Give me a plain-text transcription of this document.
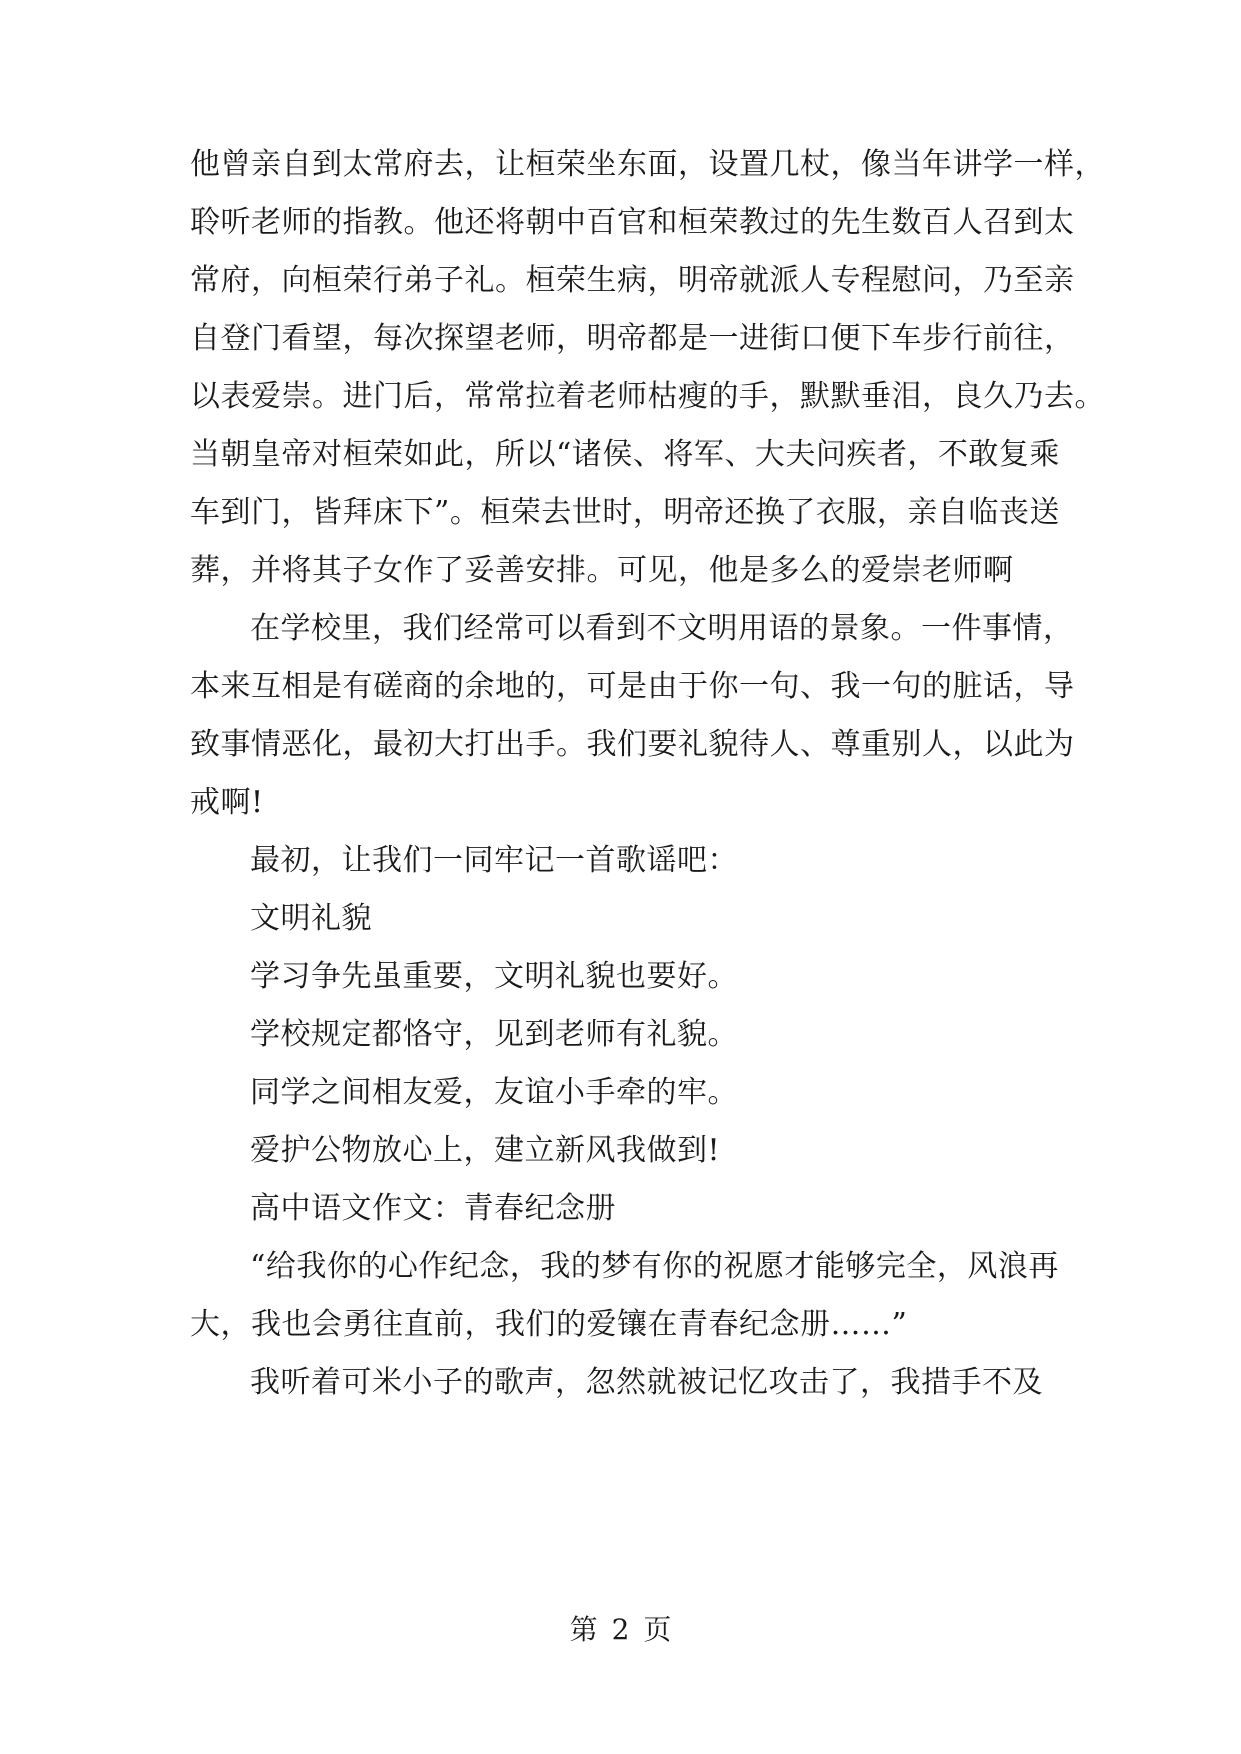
他曾亲自到太常府去，让桓荣坐东面，设置几杖，像当年讲学一样，
聆听老师的指教。他还将朝中百官和桓荣教过的先生数百人召到太
常府，向桓荣行弟子礼。桓荣生病，明帝就派人专程慰问，乃至亲
自登门看望，每次探望老师，明帝都是一进街口便下车步行前往，
以表爱崇。进门后，常常拉着老师枯瘦的手，默默垂泪，良久乃去。
当朝皇帝对桓荣如此，所以“诸侯、将军、大夫问疾者，不敢复乘
车到门，皆拜床下”。桓荣去世时，明帝还换了衣服，亲自临丧送
葬，并将其子女作了妥善安排。可见，他是多么的爱崇老师啊
在学校里，我们经常可以看到不文明用语的景象。一件事情，
本来互相是有磋商的余地的，可是由于你一句、我一句的脏话，导
致事情恶化，最初大打出手。我们要礼貌待人、尊重别人，以此为
戒啊!
最初，让我们一同牢记一首歌谣吧：
文明礼貌
学习争先虽重要，文明礼貌也要好。
学校规定都恪守，见到老师有礼貌。
同学之间相友爱，友谊小手牵的牢。
爱护公物放心上，建立新风我做到!
高中语文作文：青春纪念册
“给我你的心作纪念，我的梦有你的祝愿才能够完全，风浪再
大，我也会勇往直前，我们的爱镶在青春纪念册……”
我听着可米小子的歌声，忽然就被记忆攻击了，我措手不及
第 2 页
